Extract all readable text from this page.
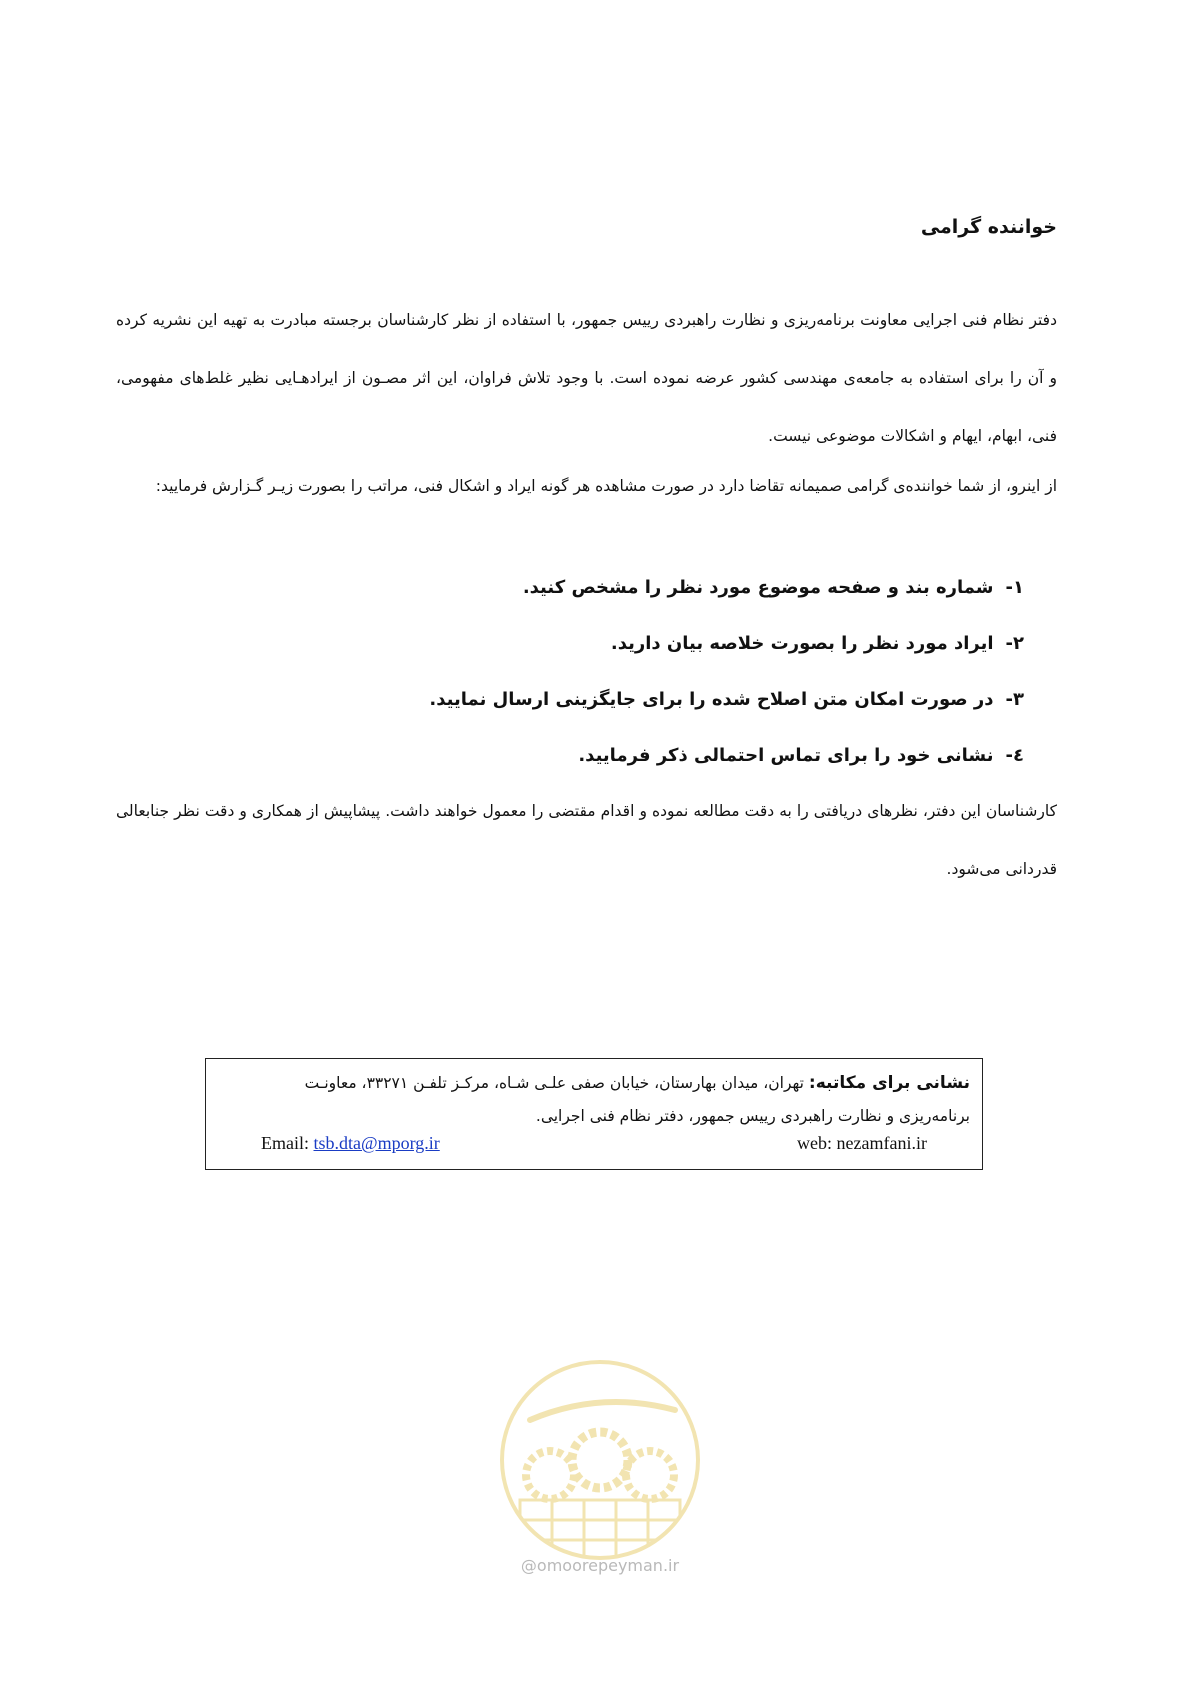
خواننده گرامی

دفتر نظام فنی اجرایی معاونت برنامه‌ریزی و نظارت راهبردی رییس جمهور، با استفاده از نظر کارشناسان برجسته مبادرت به تهیه این نشریه کرده و آن را برای استفاده به جامعه‌ی مهندسی کشور عرضه نموده است. با وجود تلاش فراوان، این اثر مصـون از ایرادهـایی نظیر غلط‌های مفهومی، فنی، ابهام، ایهام و اشکالات موضوعی نیست.

از اینرو، از شما خواننده‌ی گرامی صمیمانه تقاضا دارد در صورت مشاهده هر گونه ایراد و اشکال فنی، مراتب را بصورت زیـر گـزارش فرمایید:

۱-شماره بند و صفحه موضوع مورد نظر را مشخص کنید.
۲-ایراد مورد نظر را بصورت خلاصه بیان دارید.
۳-در صورت امکان متن اصلاح شده را برای جایگزینی ارسال نمایید.
٤-نشانی خود را برای تماس احتمالی ذکر فرمایید.

کارشناسان این دفتر، نظرهای دریافتی را به دقت مطالعه نموده و اقدام مقتضی را معمول خواهند داشت. پیشاپیش از همکاری و دقت نظر جنابعالی قدردانی می‌شود.

نشانی برای مکاتبه: تهران، میدان بهارستان، خیابان صفی علـی شـاه، مرکـز تلفـن ۳۳۲۷۱، معاونـت
برنامه‌ریزی و نظارت راهبردی رییس جمهور، دفتر نظام فنی اجرایی.
Email: tsb.dta@mporg.ir	web: nezamfani.ir
@omoorepeyman.ir
